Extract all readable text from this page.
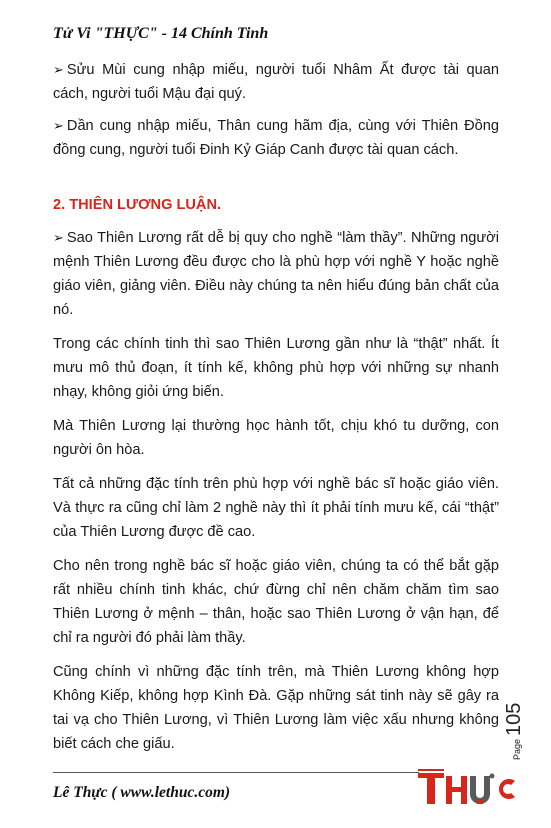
Tử Vi "THỰC" - 14 Chính Tinh

➢ Sửu Mùi cung nhập miếu, người tuổi Nhâm Ất được tài quan cách, người tuổi Mậu đại quý.

➢ Dần cung nhập miếu, Thân cung hãm địa, cùng với Thiên Đồng đồng cung, người tuổi Đinh Kỷ Giáp Canh được tài quan cách.

2. THIÊN LƯƠNG LUẬN.

➢ Sao Thiên Lương rất dễ bị quy cho nghề “làm thầy”. Những người mệnh Thiên Lương đều được cho là phù hợp với nghề Y hoặc nghề giáo viên, giảng viên. Điều này chúng ta nên hiểu đúng bản chất của nó.

Trong các chính tinh thì sao Thiên Lương gần như là “thật” nhất. Ít mưu mô thủ đoạn, ít tính kế, không phù hợp với những sự nhanh nhạy, không giỏi ứng biến.

Mà Thiên Lương lại thường học hành tốt, chịu khó tu dưỡng, con người ôn hòa.

Tất cả những đặc tính trên phù hợp với nghề bác sĩ hoặc giáo viên. Và thực ra cũng chỉ làm 2 nghề này thì ít phải tính mưu kế, cái “thật” của Thiên Lương được đề cao.

Cho nên trong nghề bác sĩ hoặc giáo viên, chúng ta có thể bắt gặp rất nhiều chính tinh khác, chứ đừng chỉ nên chăm chăm tìm sao Thiên Lương ở mệnh – thân, hoặc sao Thiên Lương ở vận hạn, để chỉ ra người đó phải làm thầy.

Cũng chính vì những đặc tính trên, mà Thiên Lương không hợp Không Kiếp, không hợp Kình Đà. Gặp những sát tinh này sẽ gây ra tai vạ cho Thiên Lương, vì Thiên Lương làm việc xấu nhưng không biết cách che giấu.	Page105
Lê Thực ( www.lethuc.com)
